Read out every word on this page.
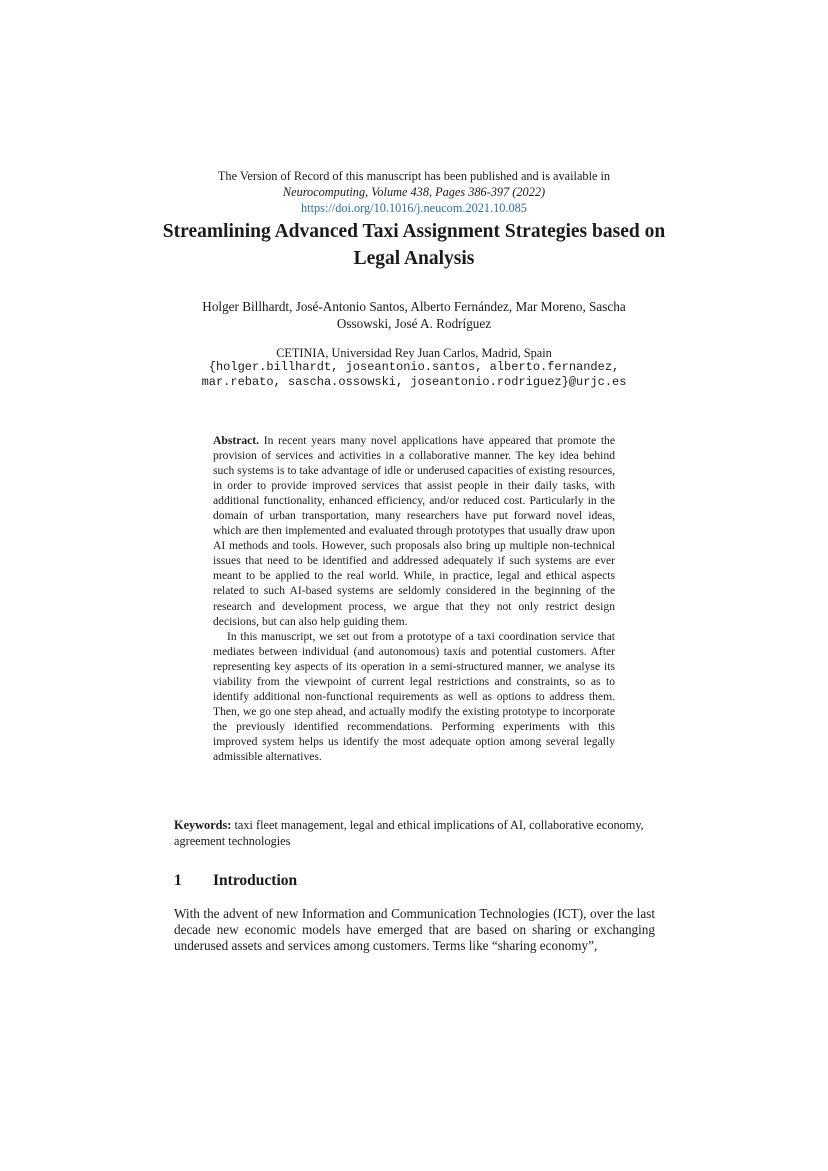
The Version of Record of this manuscript has been published and is available in
Neurocomputing, Volume 438, Pages 386-397 (2022)
https://doi.org/10.1016/j.neucom.2021.10.085
Streamlining Advanced Taxi Assignment Strategies based on Legal Analysis
Holger Billhardt, José-Antonio Santos, Alberto Fernández, Mar Moreno, Sascha Ossowski, José A. Rodríguez
CETINIA, Universidad Rey Juan Carlos, Madrid, Spain
{holger.billhardt, joseantonio.santos, alberto.fernandez,
mar.rebato, sascha.ossowski, joseantonio.rodriguez}@urjc.es

Abstract. In recent years many novel applications have appeared that promote the provision of services and activities in a collaborative manner. The key idea behind such systems is to take advantage of idle or underused capacities of existing resources, in order to provide improved services that assist people in their daily tasks, with additional functionality, enhanced efficiency, and/or reduced cost. Particularly in the domain of urban transportation, many researchers have put forward novel ideas, which are then implemented and evaluated through prototypes that usually draw upon AI methods and tools. However, such proposals also bring up multiple non-technical issues that need to be identified and addressed adequately if such systems are ever meant to be applied to the real world. While, in practice, legal and ethical aspects related to such AI-based systems are seldomly considered in the beginning of the research and development process, we argue that they not only restrict design decisions, but can also help guiding them.

In this manuscript, we set out from a prototype of a taxi coordination service that mediates between individual (and autonomous) taxis and potential customers. After representing key aspects of its operation in a semi-structured manner, we analyse its viability from the viewpoint of current legal restrictions and constraints, so as to identify additional non-functional requirements as well as options to address them. Then, we go one step ahead, and actually modify the existing prototype to incorporate the previously identified recommendations. Performing experiments with this improved system helps us identify the most adequate option among several legally admissible alternatives.

Keywords: taxi fleet management, legal and ethical implications of AI, collaborative economy, agreement technologies
1 Introduction
With the advent of new Information and Communication Technologies (ICT), over the last decade new economic models have emerged that are based on sharing or exchanging underused assets and services among customers. Terms like “sharing economy”,
